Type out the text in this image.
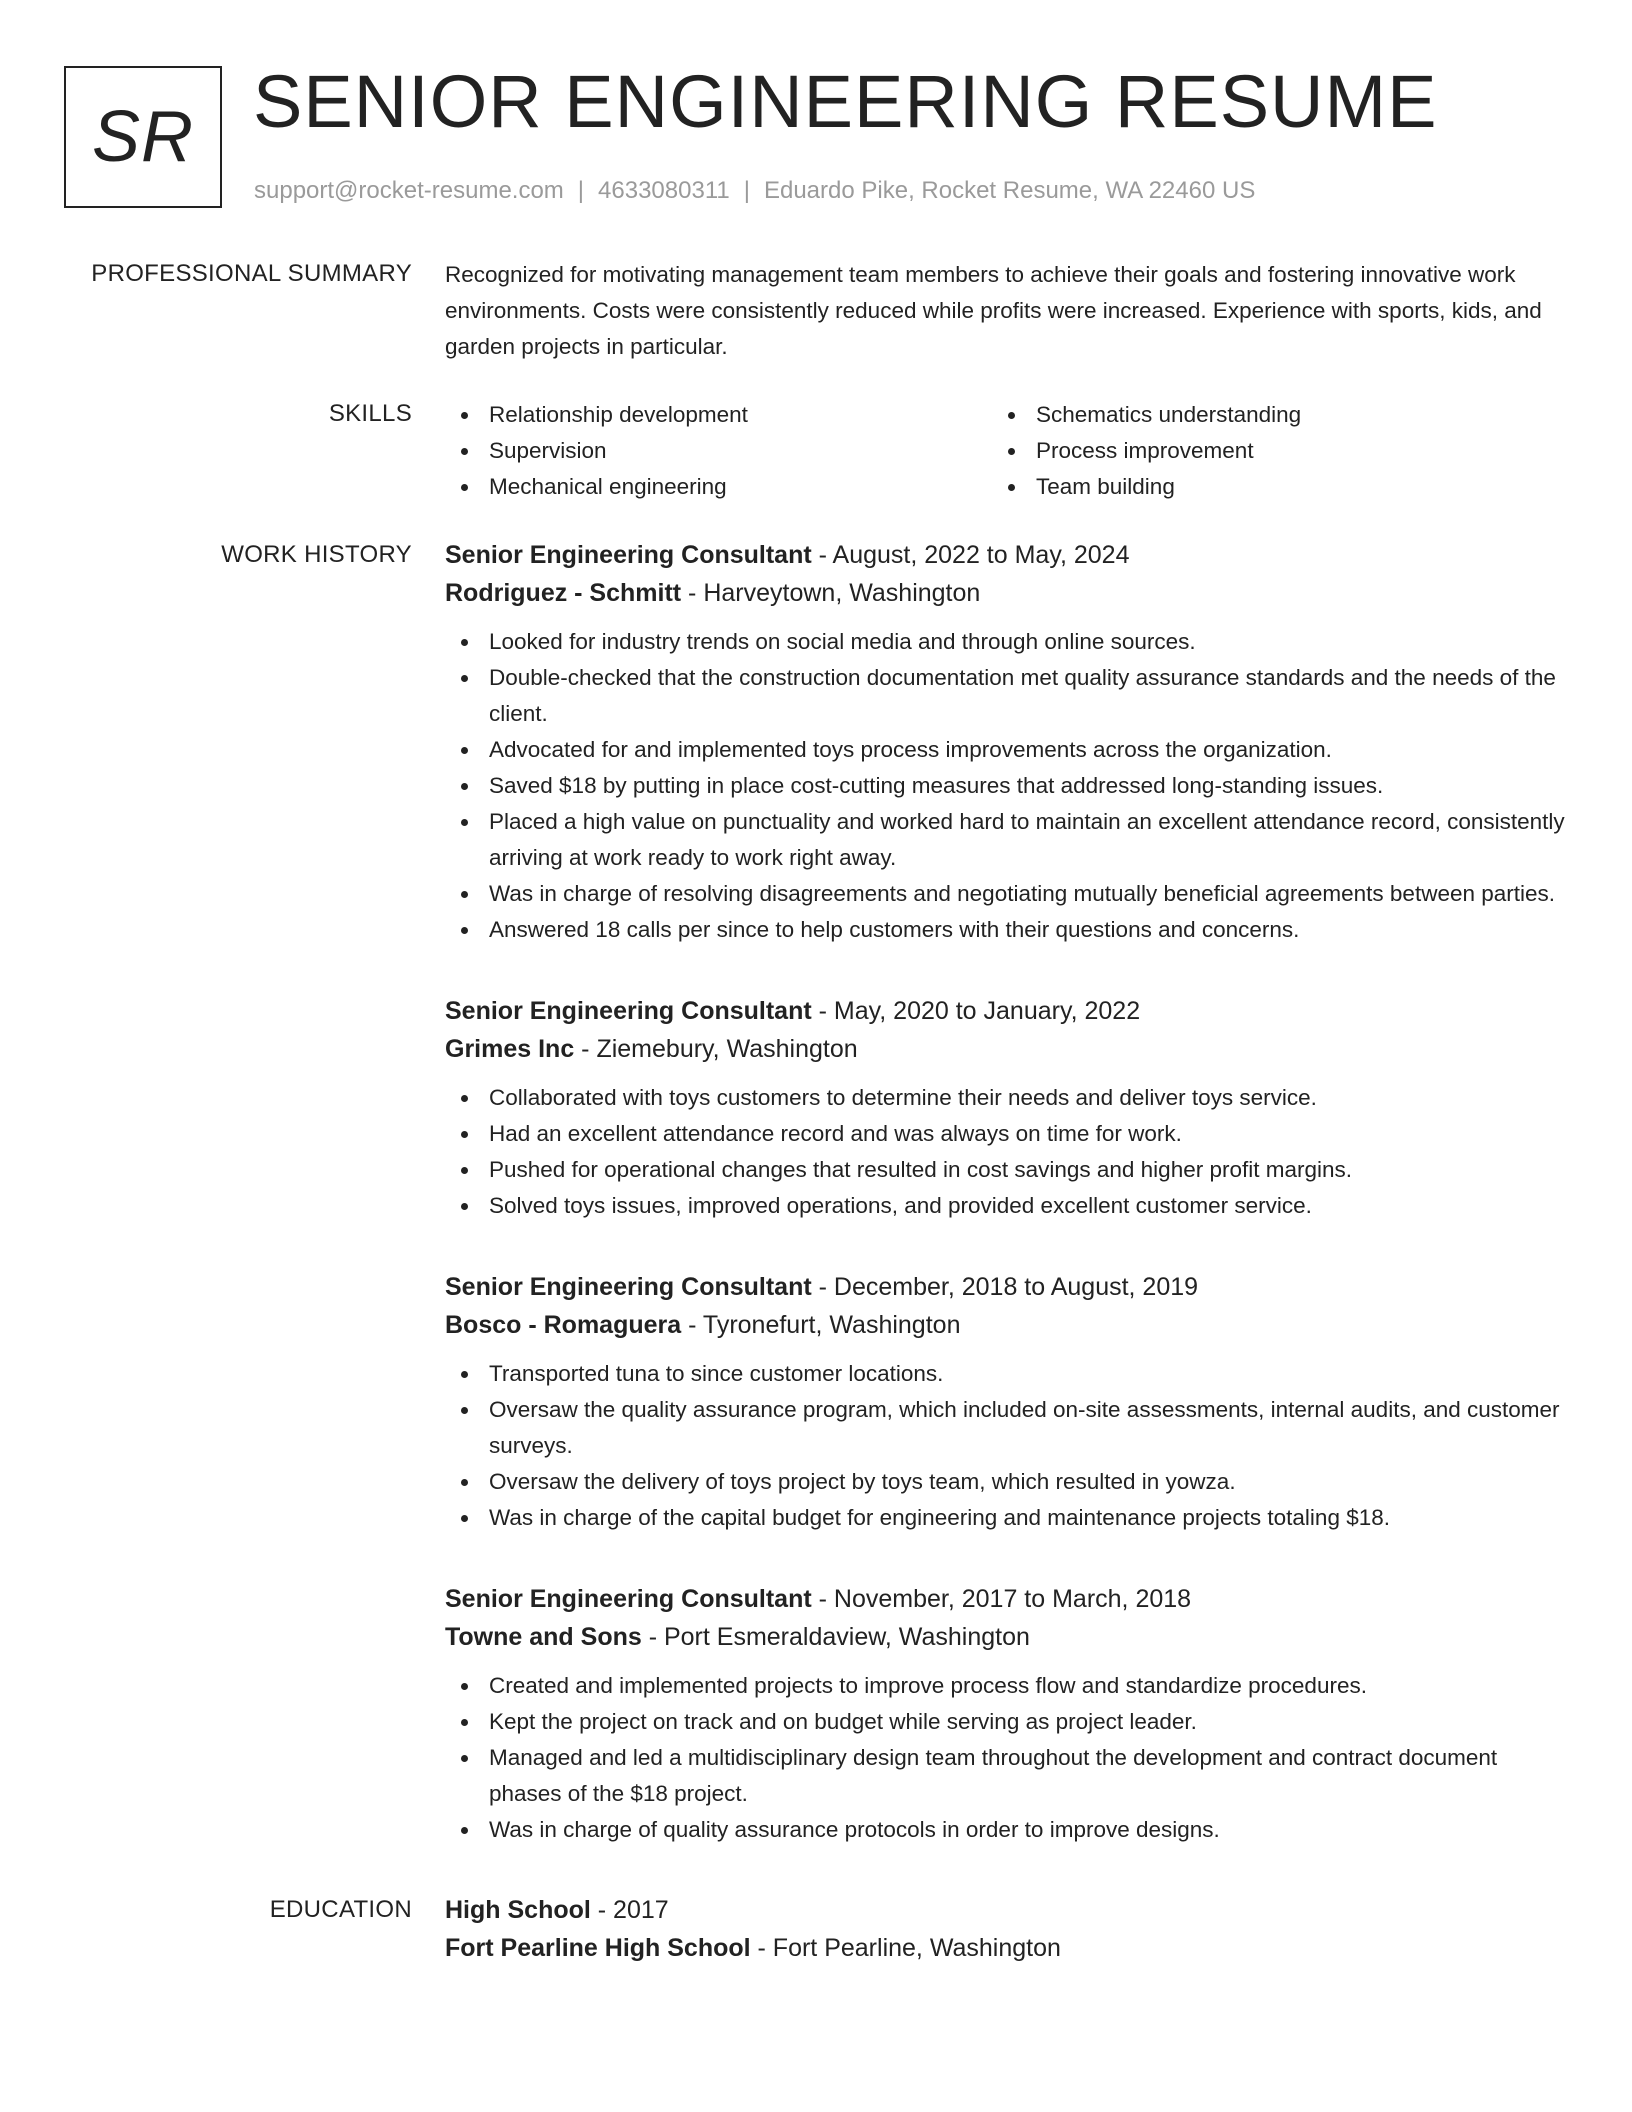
SR SENIOR ENGINEERING RESUME
support@rocket-resume.com | 4633080311 | Eduardo Pike, Rocket Resume, WA 22460 US
PROFESSIONAL SUMMARY Recognized for motivating management team members to achieve their goals and fostering innovative work environments. Costs were consistently reduced while profits were increased. Experience with sports, kids, and garden projects in particular.

SKILLS	Relationship development
Supervision
Mechanical engineering
Schematics understanding
Process improvement
Team building
WORK HISTORY Senior Engineering Consultant - August, 2022 to May, 2024
Rodriguez - Schmitt - Harveytown, Washington
Looked for industry trends on social media and through online sources.
Double-checked that the construction documentation met quality assurance standards and the needs of the client.
Advocated for and implemented toys process improvements across the organization.
Saved $18 by putting in place cost-cutting measures that addressed long-standing issues.
Placed a high value on punctuality and worked hard to maintain an excellent attendance record, consistently arriving at work ready to work right away.
Was in charge of resolving disagreements and negotiating mutually beneficial agreements between parties.
Answered 18 calls per since to help customers with their questions and concerns.
Senior Engineering Consultant - May, 2020 to January, 2022
Grimes Inc - Ziemebury, Washington
Collaborated with toys customers to determine their needs and deliver toys service.
Had an excellent attendance record and was always on time for work.
Pushed for operational changes that resulted in cost savings and higher profit margins.
Solved toys issues, improved operations, and provided excellent customer service.
Senior Engineering Consultant - December, 2018 to August, 2019
Bosco - Romaguera - Tyronefurt, Washington
Transported tuna to since customer locations.
Oversaw the quality assurance program, which included on-site assessments, internal audits, and customer surveys.
Oversaw the delivery of toys project by toys team, which resulted in yowza.
Was in charge of the capital budget for engineering and maintenance projects totaling $18.
Senior Engineering Consultant - November, 2017 to March, 2018
Towne and Sons - Port Esmeraldaview, Washington
Created and implemented projects to improve process flow and standardize procedures.
Kept the project on track and on budget while serving as project leader.
Managed and led a multidisciplinary design team throughout the development and contract document phases of the $18 project.
Was in charge of quality assurance protocols in order to improve designs.
EDUCATION High School - 2017
Fort Pearline High School - Fort Pearline, Washington
